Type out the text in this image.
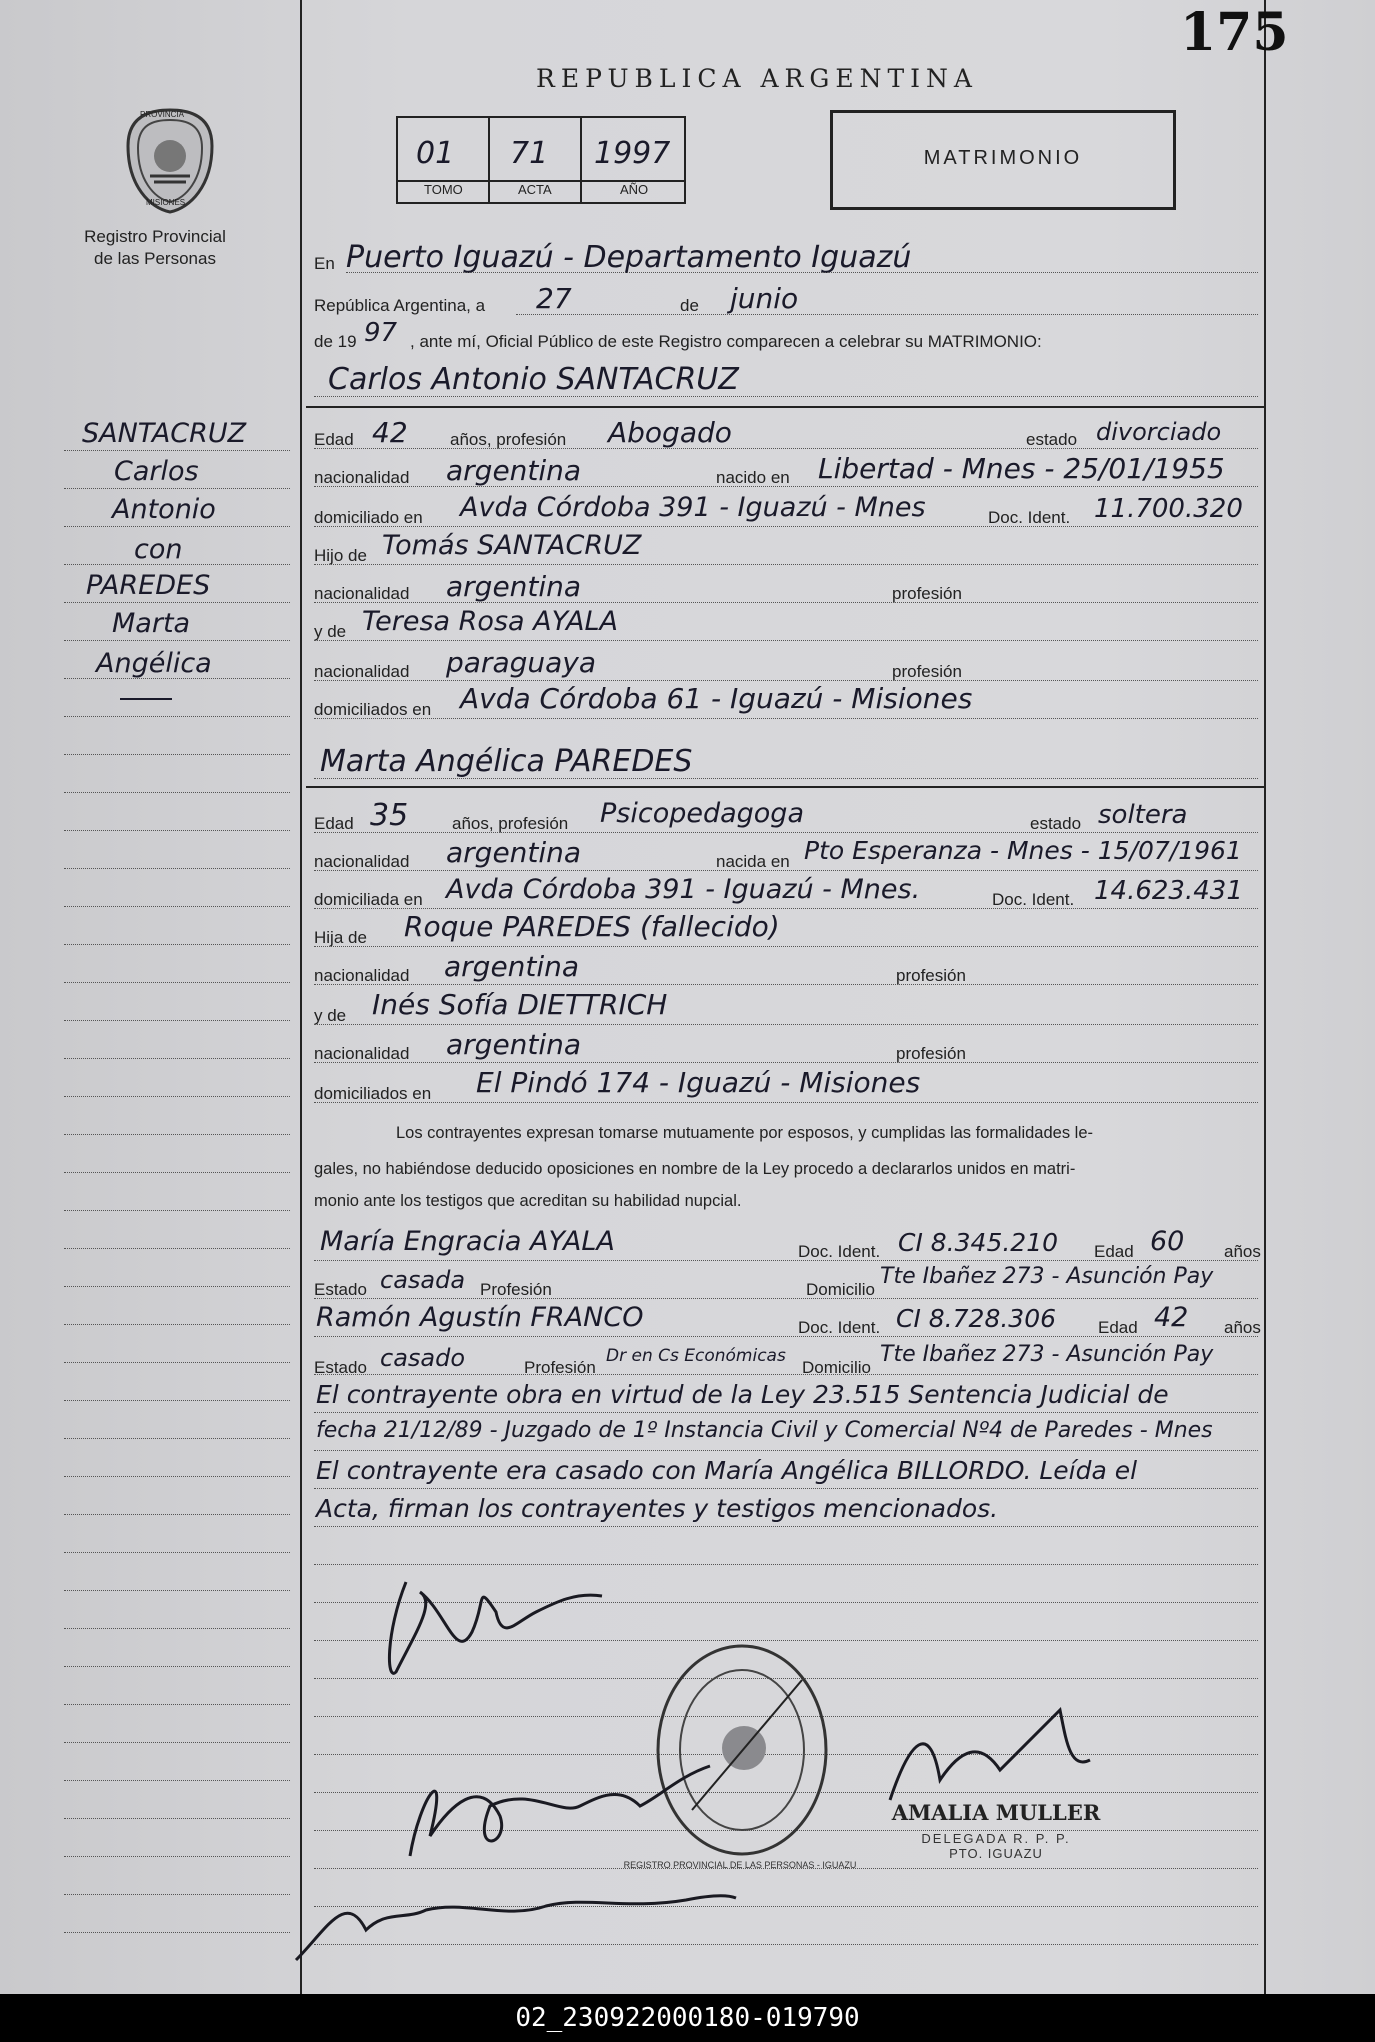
175
PROVINCIA
MISIONES
Registro Provincial
de las Personas
SANTACRUZ
Carlos
Antonio
con
PAREDES
Marta
Angélica
REPUBLICA ARGENTINA
01 71 1997
TOMO	ACTA	AÑO
MATRIMONIO
En Puerto Iguazú - Departamento Iguazú
República Argentina, a 27	de junio
de 19 97 , ante mí, Oficial Público de este Registro comparecen a celebrar su MATRIMONIO:
Carlos Antonio SANTACRUZ
Edad 42 años, profesión Abogado	estado divorciado
nacionalidad argentina	nacido en Libertad - Mnes - 25/01/1955
domiciliado en Avda Córdoba 391 - Iguazú - Mnes	Doc. Ident. 11.700.320
Hijo de Tomás SANTACRUZ
nacionalidad argentina	profesión
y de Teresa Rosa AYALA
nacionalidad paraguaya	profesión
domiciliados en Avda Córdoba 61 - Iguazú - Misiones
Marta Angélica PAREDES
Edad 35	años, profesión Psicopedagoga	estado soltera
nacionalidad argentina	nacida en Pto Esperanza - Mnes - 15/07/1961
domiciliada en Avda Córdoba 391 - Iguazú - Mnes.	Doc. Ident. 14.623.431
Hija de Roque PAREDES (fallecido)
nacionalidad argentina	profesión
y de Inés Sofía DIETTRICH
nacionalidad argentina	profesión
domiciliados en El Pindó 174 - Iguazú - Misiones
Los contrayentes expresan tomarse mutuamente por esposos, y cumplidas las formalidades le-
gales, no habiéndose deducido oposiciones en nombre de la Ley procedo a declararlos unidos en matri-
monio ante los testigos que acreditan su habilidad nupcial.
María Engracia AYALA	Doc. Ident. CI 8.345.210 Edad 60 años
Estado casada Profesión	Domicilio
Tte Ibañez 273 - Asunción Pay
Ramón Agustín FRANCO	Doc. Ident. CI 8.728.306 Edad 42 años
Estado casado	Profesión
Dr en Cs Económicas
Domicilio
Tte Ibañez 273 - Asunción Pay
El contrayente obra en virtud de la Ley 23.515 Sentencia Judicial de
fecha 21/12/89 - Juzgado de 1º Instancia Civil y Comercial Nº4 de Paredes - Mnes
El contrayente era casado con María Angélica BILLORDO. Leída el
Acta, firman los contrayentes y testigos mencionados.
REGISTRO PROVINCIAL DE LAS PERSONAS - IGUAZU
AMALIA MULLER
DELEGADA R. P. P.
PTO. IGUAZU
02_230922000180-019790
